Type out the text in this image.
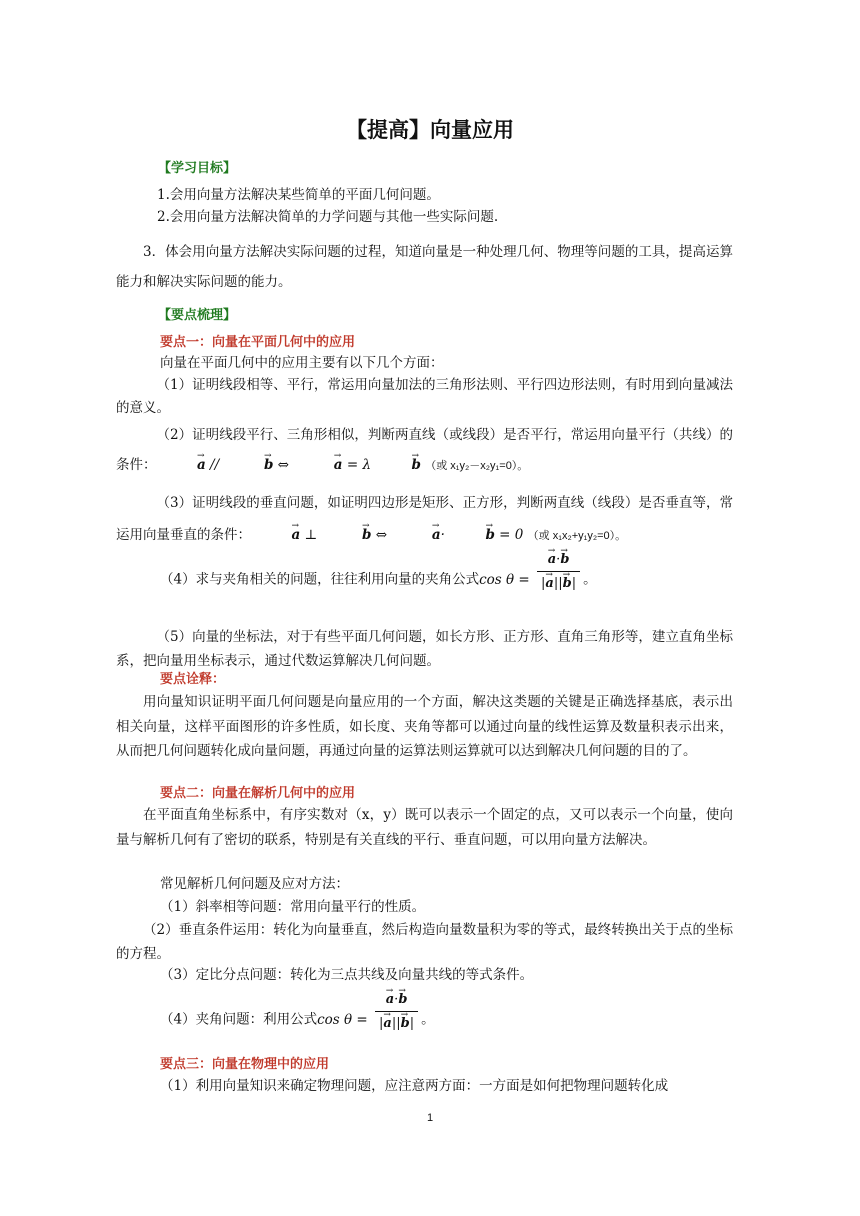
【提高】向量应用
【学习目标】
1.会用向量方法解决某些简单的平面几何问题。
2.会用向量方法解决简单的力学问题与其他一些实际问题.
3．体会用向量方法解决实际问题的过程，知道向量是一种处理几何、物理等问题的工具，提高运算能力和解决实际问题的能力。
【要点梳理】
要点一：向量在平面几何中的应用
向量在平面几何中的应用主要有以下几个方面：
（1）证明线段相等、平行，常运用向量加法的三角形法则、平行四边形法则，有时用到向量减法的意义。
（2）证明线段平行、三角形相似，判断两直线（或线段）是否平行，常运用向量平行（共线）的条件：	→ a //	→ b ⇔	→ a = λ	→ b （或 x₁y₂－x₂y₁=0）。
（3）证明线段的垂直问题，如证明四边形是矩形、正方形，判断两直线（线段）是否垂直等，常运用向量垂直的条件：	→ a ⊥	→ b ⇔	→ a·	→ b = 0 （或 x₁x₂+y₁y₂=0）。
（4）求与夹角相关的问题，往往利用向量的夹角公式cos θ = → $\frac{a\cdot\to b}{|\to a||\to b|}$ 。
（5）向量的坐标法，对于有些平面几何问题，如长方形、正方形、直角三角形等，建立直角坐标系，把向量用坐标表示，通过代数运算解决几何问题。
要点诠释：
用向量知识证明平面几何问题是向量应用的一个方面，解决这类题的关键是正确选择基底，表示出相关向量，这样平面图形的许多性质，如长度、夹角等都可以通过向量的线性运算及数量积表示出来，从而把几何问题转化成向量问题，再通过向量的运算法则运算就可以达到解决几何问题的目的了。
要点二：向量在解析几何中的应用
在平面直角坐标系中，有序实数对（x，y）既可以表示一个固定的点，又可以表示一个向量，使向量与解析几何有了密切的联系，特别是有关直线的平行、垂直问题，可以用向量方法解决。
常见解析几何问题及应对方法：
（1）斜率相等问题：常用向量平行的性质。
（2）垂直条件运用：转化为向量垂直，然后构造向量数量积为零的等式，最终转换出关于点的坐标的方程。
（3）定比分点问题：转化为三点共线及向量共线的等式条件。
（4）夹角问题：利用公式cos θ = → $\frac{a\cdot\to b}{|\to a||\to b|}$ 。
要点三：向量在物理中的应用
（1）利用向量知识来确定物理问题，应注意两方面：一方面是如何把物理问题转化成
1
